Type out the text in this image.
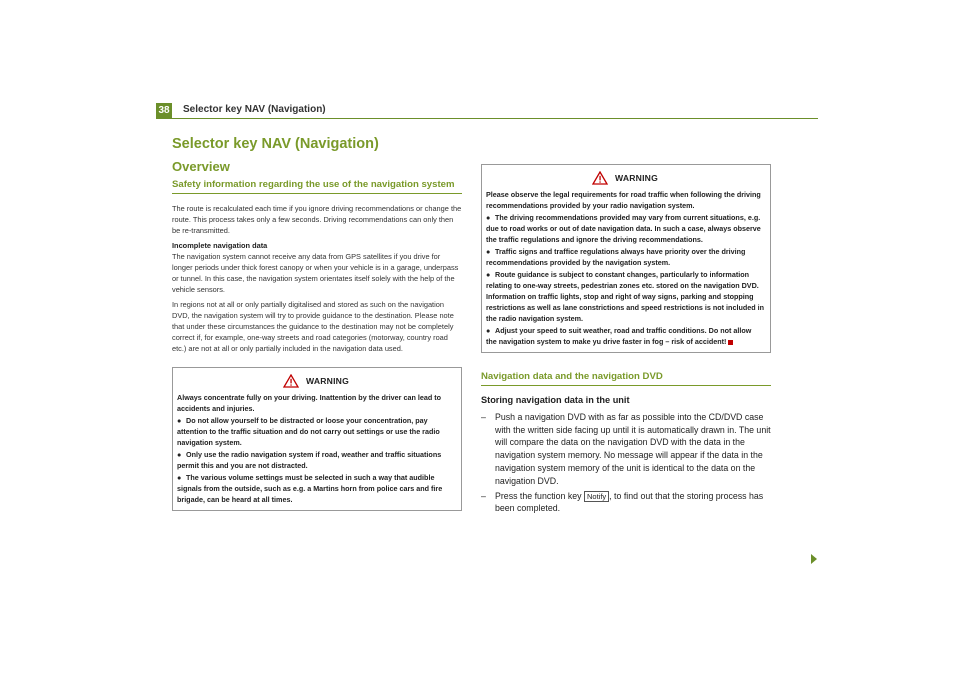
38 Selector key NAV (Navigation)
Selector key NAV (Navigation)
Overview
Safety information regarding the use of the navigation system

The route is recalculated each time if you ignore driving recommendations or change the route. This process takes only a few seconds. Driving recommendations can only then be re-transmitted.

Incomplete navigation data

The navigation system cannot receive any data from GPS satellites if you drive for longer periods under thick forest canopy or when your vehicle is in a garage, underpass or tunnel. In this case, the navigation system orientates itself solely with the help of the vehicle sensors.

In regions not at all or only partially digitalised and stored as such on the navigation DVD, the navigation system will try to provide guidance to the destination. Please note that under these circumstances the guidance to the destination may not be completely correct if, for example, one-way streets and road categories (motorway, country road etc.) are not at all or only partially included in the navigation data used.

WARNING

Always concentrate fully on your driving. Inattention by the driver can lead to accidents and injuries.

● Do not allow yourself to be distracted or loose your concentration, pay attention to the traffic situation and do not carry out settings or use the radio navigation system.

● Only use the radio navigation system if road, weather and traffic situations permit this and you are not distracted.

● The various volume settings must be selected in such a way that audible signals from the outside, such as e.g. a Martins horn from police cars and fire brigade, can be heard at all times.

WARNING

Please observe the legal requirements for road traffic when following the driving recommendations provided by your radio navigation system.

● The driving recommendations provided may vary from current situations, e.g. due to road works or out of date navigation data. In such a case, always observe the traffic regulations and ignore the driving recommendations.

● Traffic signs and traffice regulations always have priority over the driving recommendations provided by the navigation system.

● Route guidance is subject to constant changes, particularly to information relating to one-way streets, pedestrian zones etc. stored on the navigation DVD. Information on traffic lights, stop and right of way signs, parking and stopping restrictions as well as lane constrictions and speed restrictions is not included in the radio navigation system.

● Adjust your speed to suit weather, road and traffic conditions. Do not allow the navigation system to make yu drive faster in fog – risk of accident!

Navigation data and the navigation DVD
Storing navigation data in the unit
–	Push a navigation DVD with as far as possible into the CD/DVD case with the written side facing up until it is automatically drawn in. The unit will compare the data on the navigation DVD with the data in the navigation system memory. No message will appear if the data in the navigation system memory of the unit is identical to the data on the navigation DVD.
–	Press the function key Notify , to find out that the storing process has been completed.
